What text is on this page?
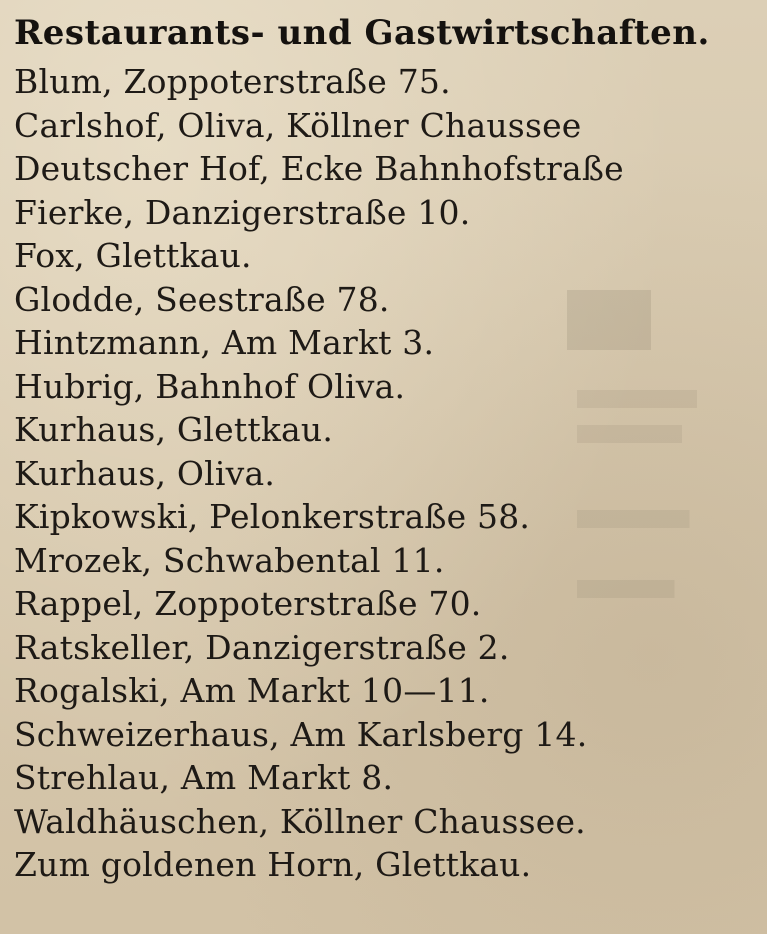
Restaurants- und Gastwirtschaften.
Blum, Zoppoterstraße 75.
Carlshof, Oliva, Köllner Chaussee
Deutscher Hof, Ecke Bahnhofstraße
Fierke, Danzigerstraße 10.
Fox, Glettkau.
Glodde, Seestraße 78.
Hintzmann, Am Markt 3.
Hubrig, Bahnhof Oliva.
Kurhaus, Glettkau.
Kurhaus, Oliva.
Kipkowski, Pelonkerstraße 58.
Mrozek, Schwabental 11.
Rappel, Zoppoterstraße 70.
Ratskeller, Danzigerstraße 2.
Rogalski, Am Markt 10—11.
Schweizerhaus, Am Karlsberg 14.
Strehlau, Am Markt 8.
Waldhäuschen, Köllner Chaussee.
Zum goldenen Horn, Glettkau.
